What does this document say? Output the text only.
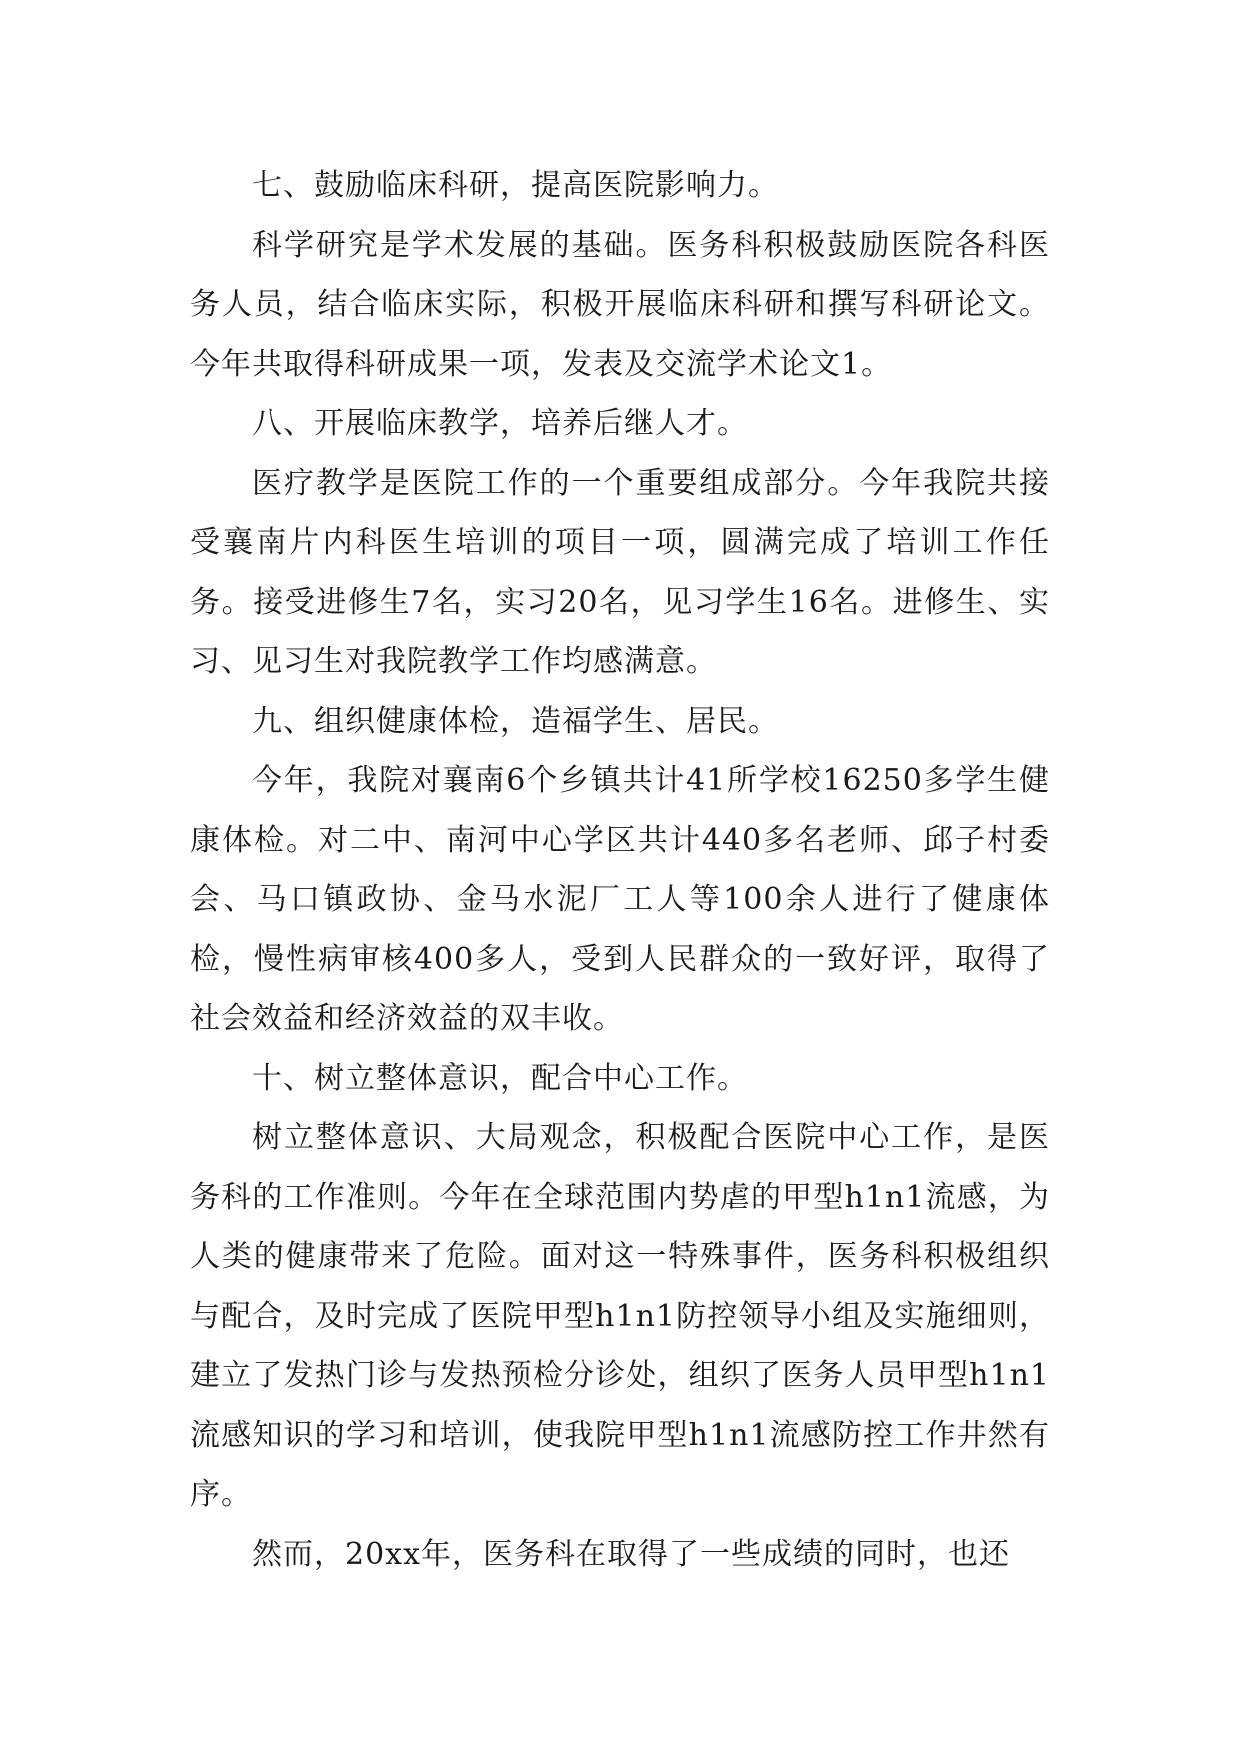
七、鼓励临床科研，提高医院影响力。

科学研究是学术发展的基础。医务科积极鼓励医院各科医务人员，结合临床实际，积极开展临床科研和撰写科研论文。今年共取得科研成果一项，发表及交流学术论文1。

八、开展临床教学，培养后继人才。

医疗教学是医院工作的一个重要组成部分。今年我院共接受襄南片内科医生培训的项目一项，圆满完成了培训工作任务。接受进修生7名，实习20名，见习学生16名。进修生、实习、见习生对我院教学工作均感满意。

九、组织健康体检，造福学生、居民。

今年，我院对襄南6个乡镇共计41所学校16250多学生健康体检。对二中、南河中心学区共计440多名老师、邱子村委会、马口镇政协、金马水泥厂工人等100余人进行了健康体检，慢性病审核400多人，受到人民群众的一致好评，取得了社会效益和经济效益的双丰收。

十、树立整体意识，配合中心工作。

树立整体意识、大局观念，积极配合医院中心工作，是医务科的工作准则。今年在全球范围内势虐的甲型h1n1流感，为人类的健康带来了危险。面对这一特殊事件，医务科积极组织与配合，及时完成了医院甲型h1n1防控领导小组及实施细则，建立了发热门诊与发热预检分诊处，组织了医务人员甲型h1n1流感知识的学习和培训，使我院甲型h1n1流感防控工作井然有序。

然而，20xx年，医务科在取得了一些成绩的同时，也还
